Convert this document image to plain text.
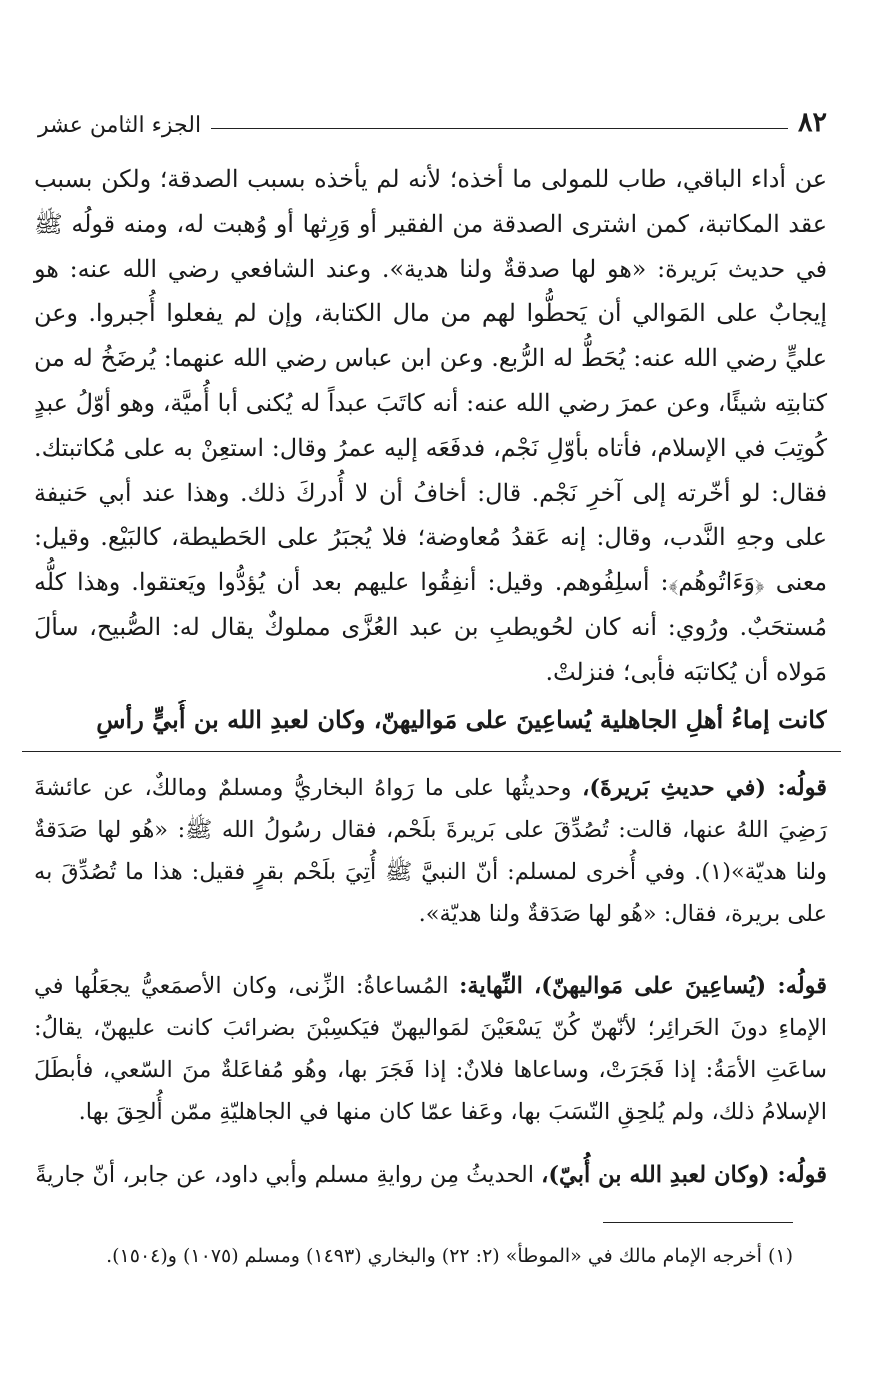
٨٢
الجزء الثامن عشر

عن أداء الباقي، طاب للمولى ما أخذه؛ لأنه لم يأخذه بسبب الصدقة؛ ولكن بسبب عقد المكاتبة، كمن اشترى الصدقة من الفقير أو وَرِثها أو وُهبت له، ومنه قولُه ﷺ في حديث بَريرة: «هو لها صدقةٌ ولنا هدية». وعند الشافعي رضي الله عنه: هو إيجابٌ على المَوالي أن يَحطُّوا لهم من مال الكتابة، وإن لم يفعلوا أُجبروا. وعن عليٍّ رضي الله عنه: يُحَطُّ له الرُّبع. وعن ابن عباس رضي الله عنهما: يُرضَخُ له من كتابتِه شيئًا، وعن عمرَ رضي الله عنه: أنه كاتَبَ عبداً له يُكنى أبا أُميَّة، وهو أوّلُ عبدٍ كُوتِبَ في الإسلام، فأتاه بأوّلِ نَجْم، فدفَعَه إليه عمرُ وقال: استعِنْ به على مُكاتبتك. فقال: لو أخّرته إلى آخرِ نَجْم. قال: أخافُ أن لا أُدركَ ذلك. وهذا عند أبي حَنيفة على وجهِ النَّدب، وقال: إنه عَقدُ مُعاوضة؛ فلا يُجبَرُ على الحَطيطة، كالبَيْع. وقيل: معنى ﴿وَءَاتُوهُم﴾: أسلِفُوهم. وقيل: أنفِقُوا عليهم بعد أن يُؤدُّوا ويَعتقوا. وهذا كلُّه مُستحَبٌ. ورُوي: أنه كان لحُويطبِ بن عبد العُزَّى مملوكٌ يقال له: الصُّبيح، سألَ مَولاه أن يُكاتبَه فأبى؛ فنزلتْ.

كانت إماءُ أهلِ الجاهلية يُساعِينَ على مَواليهنّ، وكان لعبدِ الله بن أُبيٍّ رأسِ

قولُه: (في حديثِ بَريرةَ)، وحديثُها على ما رَواهُ البخاريُّ ومسلمٌ ومالكٌ، عن عائشةَ رَضِيَ اللهُ عنها، قالت: تُصُدِّقَ على بَريرةَ بلَحْم، فقال رسُولُ الله ﷺ: «هُو لها صَدَقةٌ ولنا هديّة»(١). وفي أُخرى لمسلم: أنّ النبيَّ ﷺ أُتِيَ بلَحْم بقرٍ فقيل: هذا ما تُصُدِّقَ به على بريرة، فقال: «هُو لها صَدَقةٌ ولنا هديّة».

قولُه: (يُساعِينَ على مَواليهنّ)، النِّهاية: المُساعاةُ: الزِّنى، وكان الأصمَعيُّ يجعَلُها في الإماءِ دونَ الحَرائِر؛ لأنّهنّ كُنّ يَسْعَيْنَ لمَواليهنّ فيَكسِبْنَ بضرائبَ كانت عليهنّ، يقالُ: ساعَتِ الأمَةُ: إذا فَجَرَتْ، وساعاها فلانٌ: إذا فَجَرَ بها، وهُو مُفاعَلةٌ منَ السّعي، فأبطَلَ الإسلامُ ذلك، ولم يُلحِقِ النّسَبَ بها، وعَفا عمّا كان منها في الجاهليّةِ ممّن أُلحِقَ بها.

قولُه: (وكان لعبدِ الله بن أُبيّ)، الحديثُ مِن روايةِ مسلم وأبي داود، عن جابر، أنّ جاريةً

(١) أخرجه الإمام مالك في «الموطأ» (٢: ٢٢) والبخاري (١٤٩٣) ومسلم (١٠٧٥) و(١٥٠٤).
